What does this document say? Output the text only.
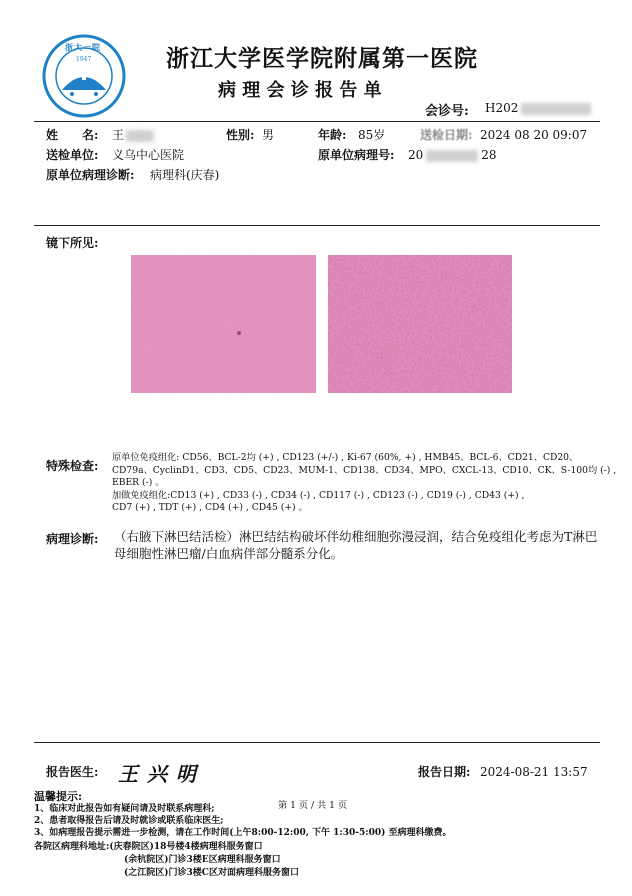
浙大一院
1947	浙江大学医学院附属第一医院
病 理 会 诊 报 告 单
会诊号: H202
姓　　名: 王	性别: 男	年龄: 85岁	送检日期: 2024 08 20 09:07
送检单位: 义乌中心医院	原单位病理号: 20	28
原单位病理诊断: 病理科(庆春)
镜下所见:
特殊检查:
原单位免疫组化: CD56、BCL-2均 (+) , CD123 (+/-) , Ki-67 (60%, +) , HMB45、BCL-6、CD21、CD20、
CD79a、CyclinD1、CD3、CD5、CD23、MUM-1、CD138、CD34、MPO、CXCL-13、CD10、CK、S-100均 (-) ,
EBER (-) 。
加做免疫组化:CD13 (+) , CD33 (-) , CD34 (-) , CD117 (-) , CD123 (-) , CD19 (-) , CD43 (+) ,
CD7 (+) , TDT (+) , CD4 (+) , CD45 (+) 。
病理诊断: （右腋下淋巴结活检）淋巴结结构破坏伴幼稚细胞弥漫浸润，结合免疫组化考虑为T淋巴
母细胞性淋巴瘤/白血病伴部分髓系分化。
报告医生: 王 兴 明	报告日期: 2024-08-21 13:57
温馨提示:
第 1 页 / 共 1 页
1、临床对此报告如有疑问请及时联系病理科;
2、患者取得报告后请及时就诊或联系临床医生;
3、如病理报告提示需进一步检测，请在工作时间(上午8:00-12:00, 下午 1:30-5:00) 至病理科缴费。
各院区病理科地址:(庆春院区)18号楼4楼病理科服务窗口
(余杭院区)门诊3楼E区病理科服务窗口
(之江院区)门诊3楼C区对面病理科服务窗口
